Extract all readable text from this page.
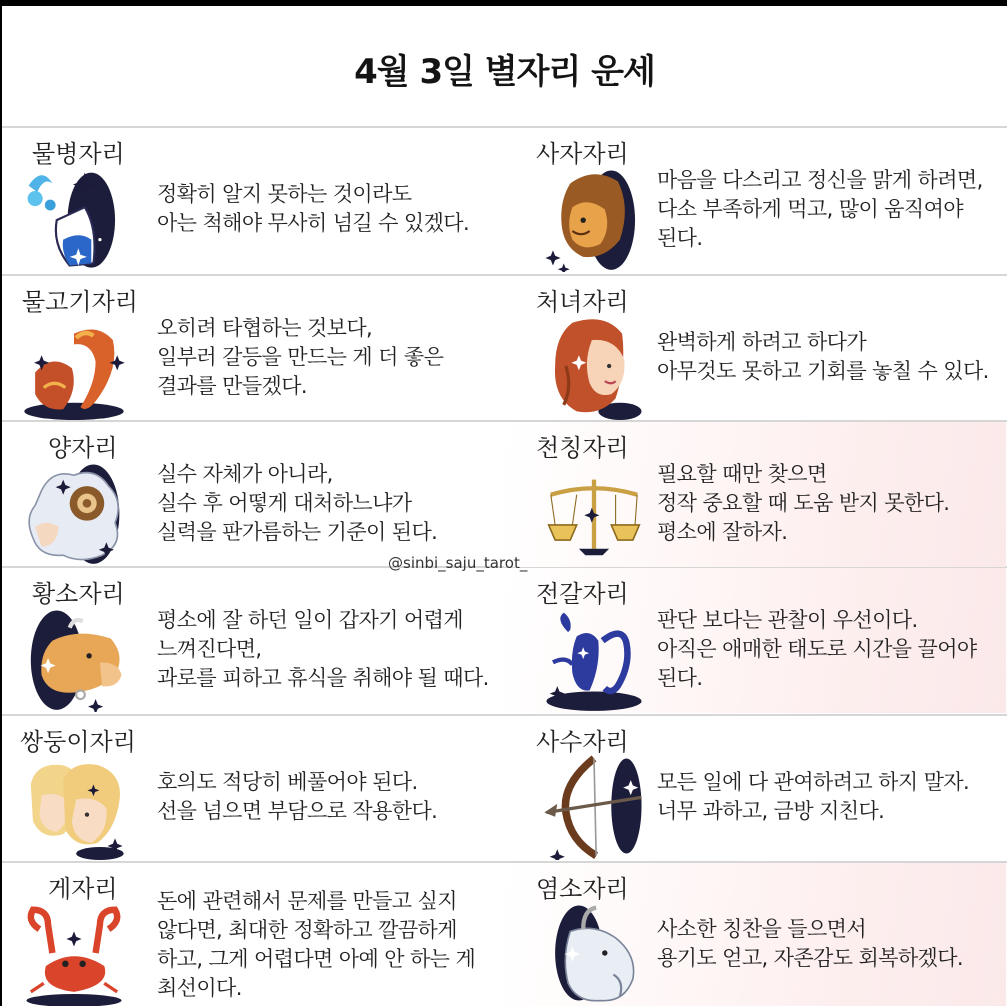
4월 3일 별자리 운세
물병자리
정확히 알지 못하는 것이라도
아는 척해야 무사히 넘길 수 있겠다.
사자자리
마음을 다스리고 정신을 맑게 하려면,
다소 부족하게 먹고, 많이 움직여야
된다.
물고기자리
오히려 타협하는 것보다,
일부러 갈등을 만드는 게 더 좋은
결과를 만들겠다.
처녀자리
완벽하게 하려고 하다가
아무것도 못하고 기회를 놓칠 수 있다.
양자리
실수 자체가 아니라,
실수 후 어떻게 대처하느냐가
실력을 판가름하는 기준이 된다.
천칭자리
필요할 때만 찾으면
정작 중요할 때 도움 받지 못한다.
평소에 잘하자.
황소자리
평소에 잘 하던 일이 갑자기 어렵게
느껴진다면,
과로를 피하고 휴식을 취해야 될 때다.
전갈자리
판단 보다는 관찰이 우선이다.
아직은 애매한 태도로 시간을 끌어야
된다.
@sinbi_saju_tarot_
쌍둥이자리
호의도 적당히 베풀어야 된다.
선을 넘으면 부담으로 작용한다.
사수자리
모든 일에 다 관여하려고 하지 말자.
너무 과하고, 금방 지친다.
게자리 돈에 관련해서 문제를 만들고 싶지
않다면, 최대한 정확하고 깔끔하게
하고, 그게 어렵다면 아예 안 하는 게
최선이다.
염소자리
사소한 칭찬을 들으면서
용기도 얻고, 자존감도 회복하겠다.
